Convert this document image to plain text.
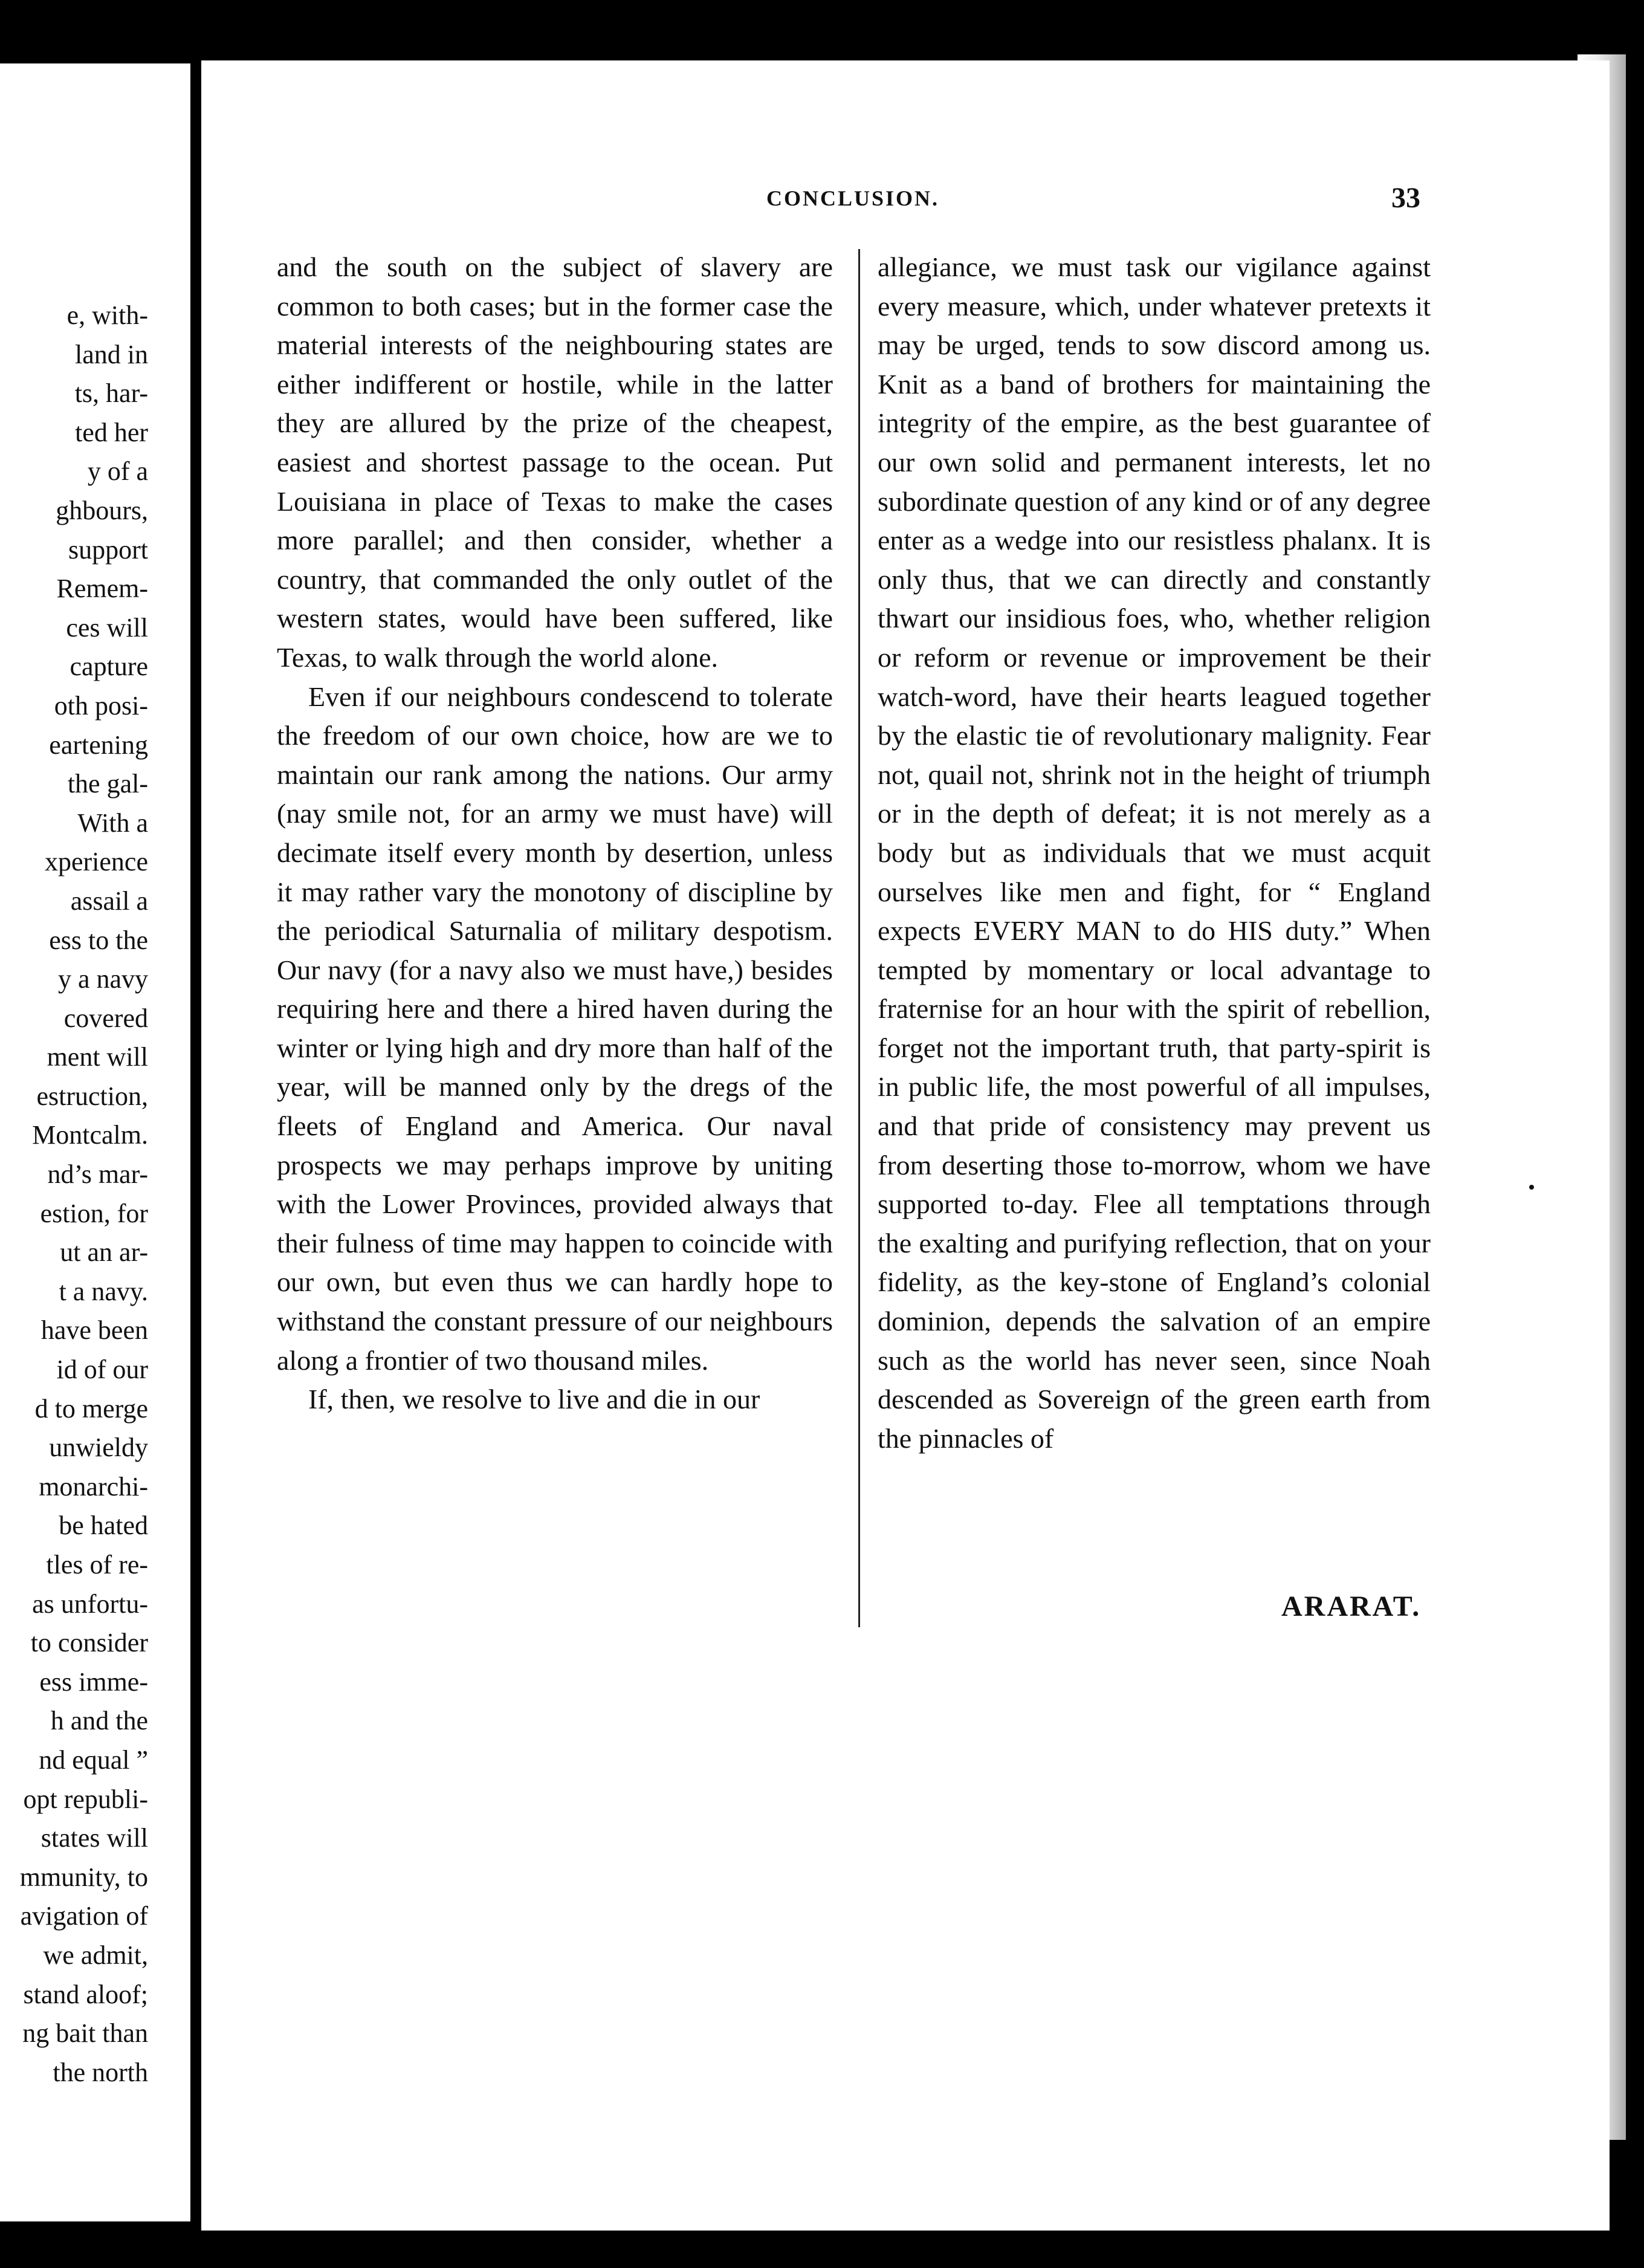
e, with-
land in
ts, har-
ted her
y of a
ghbours,
support
Remem-
ces will
capture
oth posi-
eartening
the gal-
With a
xperience
assail a
ess to the
y a navy
covered
ment will
estruction,
Montcalm.
nd’s mar-
estion, for
ut an ar-
t a navy.
have been
id of our
d to merge
unwieldy
monarchi-
be hated
tles of re-
as unfortu-
to consider
ess imme-
h and the
nd equal ”
opt republi-
states will
mmunity, to
avigation of
we admit,
stand aloof;
ng bait than
the north
CONCLUSION.	33

and the south on the subject of slavery are common to both cases; but in the former case the material interests of the neighbouring states are either indifferent or hostile, while in the latter they are allured by the prize of the cheapest, easiest and shortest passage to the ocean. Put Louisiana in place of Texas to make the cases more parallel; and then consider, whether a country, that commanded the only outlet of the western states, would have been suffered, like Texas, to walk through the world alone.

Even if our neighbours condescend to tolerate the freedom of our own choice, how are we to maintain our rank among the nations. Our army (nay smile not, for an army we must have) will decimate itself every month by desertion, unless it may rather vary the monotony of discipline by the periodical Saturnalia of military despotism. Our navy (for a navy also we must have,) besides requiring here and there a hired haven during the winter or lying high and dry more than half of the year, will be manned only by the dregs of the fleets of England and America. Our naval prospects we may perhaps improve by uniting with the Lower Provinces, provided always that their fulness of time may happen to coincide with our own, but even thus we can hardly hope to withstand the constant pressure of our neighbours along a frontier of two thousand miles.

If, then, we resolve to live and die in our

allegiance, we must task our vigilance against every measure, which, under whatever pretexts it may be urged, tends to sow discord among us. Knit as a band of brothers for maintaining the integrity of the empire, as the best guarantee of our own solid and permanent interests, let no subordinate question of any kind or of any degree enter as a wedge into our resistless phalanx. It is only thus, that we can directly and constantly thwart our insidious foes, who, whether religion or reform or revenue or improvement be their watch-word, have their hearts leagued together by the elastic tie of revolutionary malignity. Fear not, quail not, shrink not in the height of triumph or in the depth of defeat; it is not merely as a body but as individuals that we must acquit ourselves like men and fight, for “ England expects EVERY MAN to do HIS duty.” When tempted by momentary or local advantage to fraternise for an hour with the spirit of rebellion, forget not the important truth, that party-spirit is in public life, the most powerful of all impulses, and that pride of consistency may prevent us from deserting those to-morrow, whom we have supported to-day. Flee all temptations through the exalting and purifying reflection, that on your fidelity, as the key-stone of England’s colonial dominion, depends the salvation of an empire such as the world has never seen, since Noah descended as Sovereign of the green earth from the pinnacles of

ARARAT.
